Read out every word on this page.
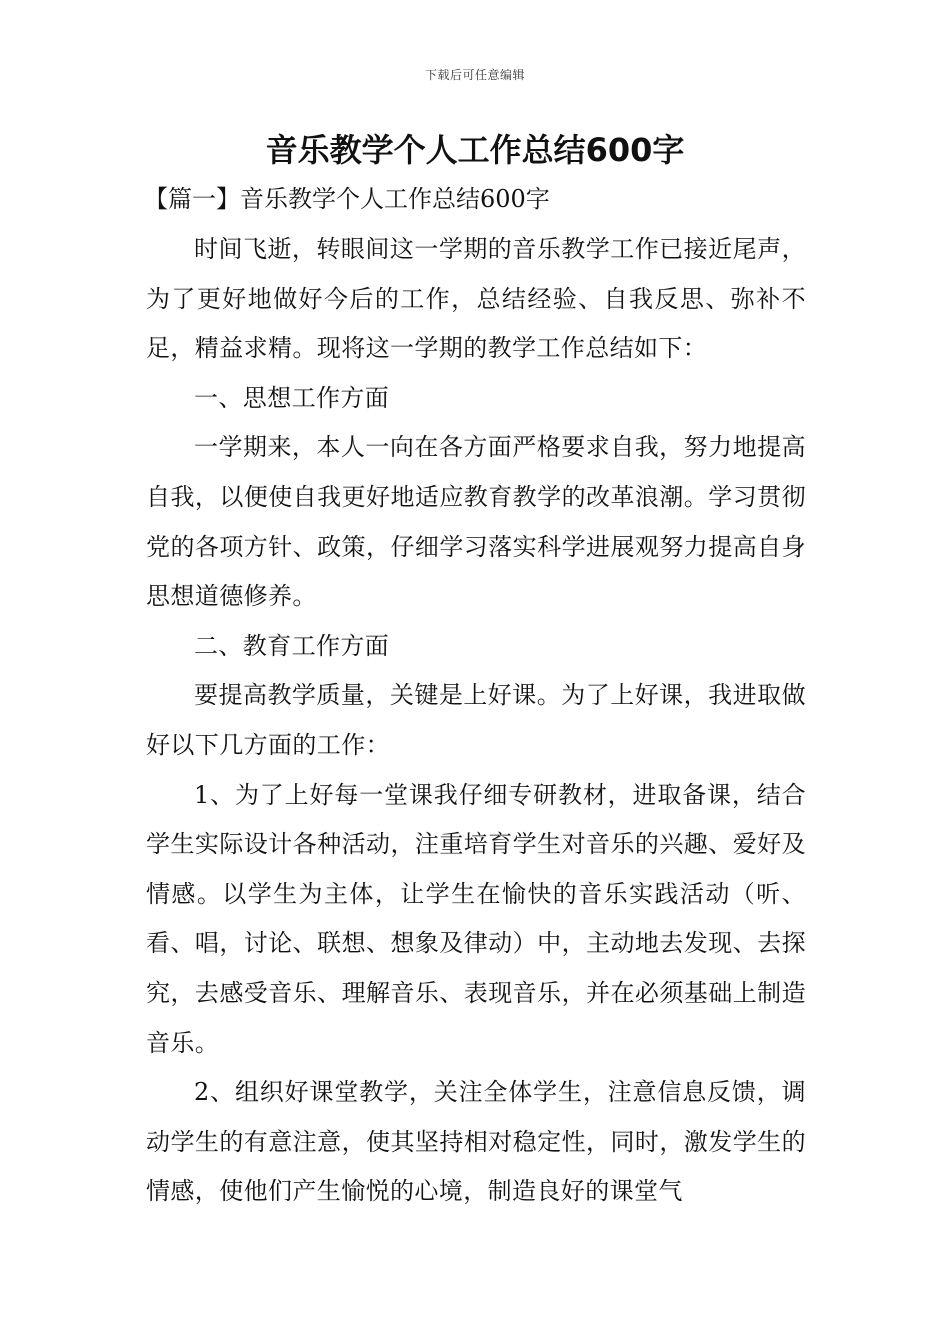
下载后可任意编辑
音乐教学个人工作总结600字
【篇一】音乐教学个人工作总结600字

时间飞逝，转眼间这一学期的音乐教学工作已接近尾声，为了更好地做好今后的工作，总结经验、自我反思、弥补不足，精益求精。现将这一学期的教学工作总结如下：

一、思想工作方面

一学期来，本人一向在各方面严格要求自我，努力地提高自我，以便使自我更好地适应教育教学的改革浪潮。学习贯彻党的各项方针、政策，仔细学习落实科学进展观努力提高自身思想道德修养。

二、教育工作方面

要提高教学质量，关键是上好课。为了上好课，我进取做好以下几方面的工作：

1、为了上好每一堂课我仔细专研教材，进取备课，结合学生实际设计各种活动，注重培育学生对音乐的兴趣、爱好及情感。以学生为主体，让学生在愉快的音乐实践活动（听、看、唱，讨论、联想、想象及律动）中，主动地去发现、去探究，去感受音乐、理解音乐、表现音乐，并在必须基础上制造音乐。

2、组织好课堂教学，关注全体学生，注意信息反馈，调动学生的有意注意，使其坚持相对稳定性，同时，激发学生的情感，使他们产生愉悦的心境，制造良好的课堂气
